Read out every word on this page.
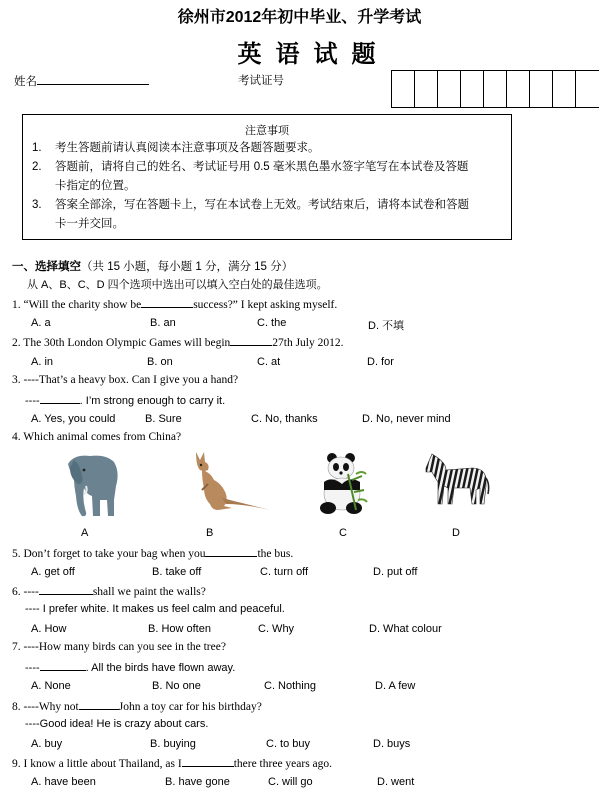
徐州市2012年初中毕业、升学考试
英语试题
姓名	考试证号
注意事项
1. 考生答题前请认真阅读本注意事项及各题答题要求。
2. 答题前，请将自己的姓名、考试证号用 0.5 毫米黑色墨水签字笔写在本试卷及答题
卡指定的位置。
3. 答案全部涂，写在答题卡上，写在本试卷上无效。考试结束后，请将本试卷和答题
卡一并交回。
一、选择填空（共 15 小题，每小题 1 分，满分 15 分）
从 A、B、C、D 四个选项中选出可以填入空白处的最佳选项。
1. “Will the charity show be	success?” I kept asking myself.
A. a	B. an	C. the	D. 不填
2. The 30th London Olympic Games will begin	27th July 2012.
A. in	B. on	C. at	D. for
3. ----That’s a heavy box. Can I give you a hand?
----	. I’m strong enough to carry it.
A. Yes, you could	B. Sure	C. No, thanks	D. No, never mind
4. Which animal comes from China?
A	B	C	D
5. Don’t forget to take your bag when you	the bus.
A. get off	B. take off	C. turn off	D. put off
6. ----	shall we paint the walls?
---- I prefer white. It makes us feel calm and peaceful.
A. How	B. How often	C. Why	D. What colour
7. ----How many birds can you see in the tree?
----	. All the birds have flown away.
A. None	B. No one	C. Nothing	D. A few
8. ----Why not	John a toy car for his birthday?
----Good idea! He is crazy about cars.
A. buy	B. buying	C. to buy	D. buys
9. I know a little about Thailand, as I	there three years ago.
A. have been	B. have gone	C. will go	D. went
